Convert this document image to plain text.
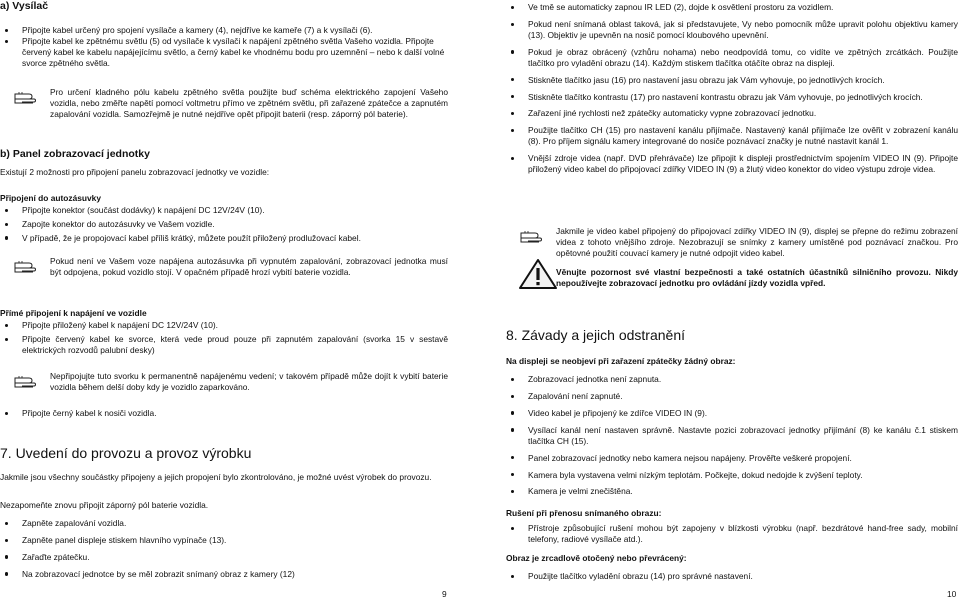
a) Vysílač
Připojte kabel určený pro spojení vysílače a kamery (4), nejdříve ke kameře (7) a k vysílači (6).
Připojte kabel ke zpětnému světlu (5) od vysílače k vysílači k napájení zpětného světla Vašeho vozidla. Připojte červený kabel ke kabelu napájejícímu světlo, a černý kabel ke vhodnému bodu pro uzemnění – nebo k další volné svorce zpětného světla.

Pro určení kladného pólu kabelu zpětného světla použijte buď schéma elektrického zapojení Vašeho vozidla, nebo změřte napětí pomocí voltmetru přímo ve zpětném světlu, při zařazené zpátečce a zapnutém zapalování vozidla. Samozřejmě je nutné nejdříve opět připojit baterii (resp. záporný pól baterie).

b) Panel zobrazovací jednotky

Existují 2 možnosti pro připojení panelu zobrazovací jednotky ve vozidle:

Připojení do autozásuvky

Připojte konektor (součást dodávky) k napájení DC 12V/24V (10).
Zapojte konektor do autozásuvky ve Vašem vozidle.
V případě, že je propojovací kabel příliš krátký, můžete použít přiložený prodlužovací kabel.

Pokud není ve Vašem voze napájena autozásuvka při vypnutém zapalování, zobrazovací jednotka musí být odpojena, pokud vozidlo stojí. V opačném případě hrozí vybití baterie vozidla.

Přímé připojení k napájení ve vozidle

Připojte přiložený kabel k napájení DC 12V/24V (10).
Připojte červený kabel ke svorce, která vede proud pouze při zapnutém zapalování (svorka 15 v sestavě elektrických rozvodů palubní desky)

Nepřipojujte tuto svorku k permanentně napájenému vedení; v takovém případě může dojít k vybití baterie vozidla během delší doby kdy je vozidlo zaparkováno.

Připojte černý kabel k nosiči vozidla.
7. Uvedení do provozu a provoz výrobku

Jakmile jsou všechny součástky připojeny a jejich propojení bylo zkontrolováno, je možné uvést výrobek do provozu.

Nezapomeňte znovu připojit záporný pól baterie vozidla.

Zapněte zapalování vozidla.
Zapněte panel displeje stiskem hlavního vypínače (13).
Zařaďte zpátečku.
Na zobrazovací jednotce by se měl zobrazit snímaný obraz z kamery (12)
9
Ve tmě se automaticky zapnou IR LED (2), dojde k osvětlení prostoru za vozidlem.
Pokud není snímaná oblast taková, jak si představujete, Vy nebo pomocník může upravit polohu objektivu kamery (13). Objektiv je upevněn na nosič pomocí kloubového upevnění.
Pokud je obraz obrácený (vzhůru nohama) nebo neodpovídá tomu, co vidíte ve zpětných zrcátkách. Použijte tlačítko pro vyladění obrazu (14). Každým stiskem tlačítka otáčíte obraz na displeji.
Stiskněte tlačítko jasu (16) pro nastavení jasu obrazu jak Vám vyhovuje, po jednotlivých krocích.
Stiskněte tlačítko kontrastu (17) pro nastavení kontrastu obrazu jak Vám vyhovuje, po jednotlivých krocích.
Zařazení jiné rychlosti než zpátečky automaticky vypne zobrazovací jednotku.
Použijte tlačítko CH (15) pro nastavení kanálu přijímače. Nastavený kanál přijímače lze ověřit v zobrazení kanálu (8). Pro příjem signálu kamery integrované do nosiče poznávací značky je nutné nastavit kanál 1.
Vnější zdroje videa (např. DVD přehrávače) lze připojit k displeji prostřednictvím spojením VIDEO IN (9). Připojte přiložený video kabel do připojovací zdířky VIDEO IN (9) a žlutý video konektor do video výstupu zdroje videa.

Jakmile je video kabel připojený do připojovací zdířky VIDEO IN (9), displej se přepne do režimu zobrazení videa z tohoto vnějšího zdroje. Nezobrazují se snímky z kamery umístěné pod poznávací značkou. Pro opětovné použití couvací kamery je nutné odpojit video kabel.

Věnujte pozornost své vlastní bezpečnosti a také ostatních účastníků silničního provozu. Nikdy nepoužívejte zobrazovací jednotku pro ovládání jízdy vozidla vpřed.

8. Závady a jejich odstranění

Na displeji se neobjeví při zařazení zpátečky žádný obraz:

Zobrazovací jednotka není zapnuta.
Zapalování není zapnuté.
Video kabel je připojený ke zdířce VIDEO IN (9).
Vysílací kanál není nastaven správně. Nastavte pozici zobrazovací jednotky přijímání (8) ke kanálu č.1 stiskem tlačítka CH (15).
Panel zobrazovací jednotky nebo kamera nejsou napájeny. Prověřte veškeré propojení.
Kamera byla vystavena velmi nízkým teplotám. Počkejte, dokud nedojde k zvýšení teploty.
Kamera je velmi znečištěna.

Rušení při přenosu snímaného obrazu:

Přístroje způsobující rušení mohou být zapojeny v blízkosti výrobku (např. bezdrátové hand-free sady, mobilní telefony, radiové vysílače atd.).

Obraz je zrcadlově otočený nebo převrácený:

Použijte tlačítko vyladění obrazu (14) pro správné nastavení.
10
